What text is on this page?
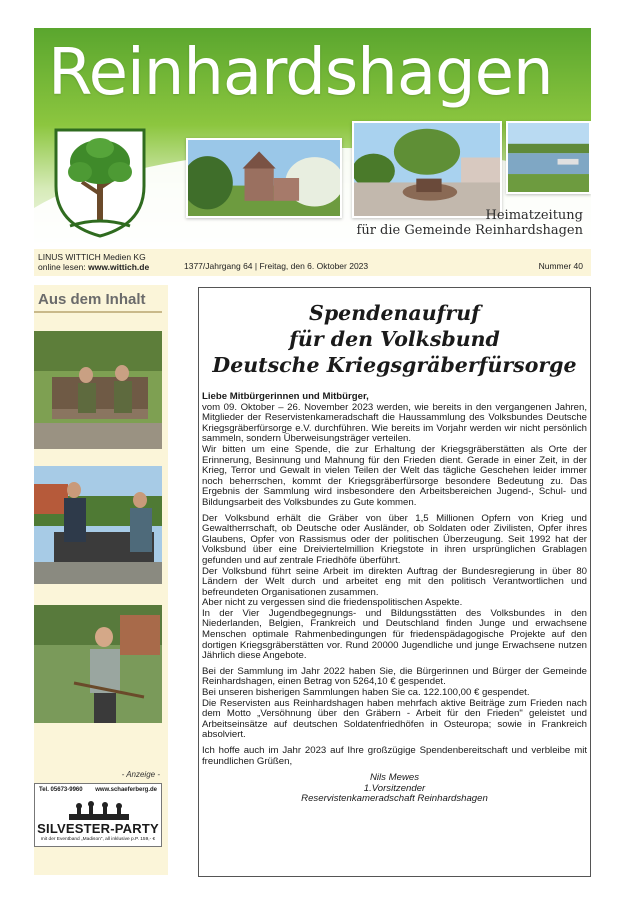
Reinhardshagen
Heimatzeitung
für die Gemeinde Reinhardshagen
LINUS WITTICH Medien KG
online lesen: www.wittich.de	1377/Jahrgang 64 | Freitag, den 6. Oktober 2023	Nummer 40
Aus dem Inhalt
- Anzeige -
Tel. 05673-9960 www.schaeferberg.de
SILVESTER-PARTY
mit der Eventband „Madison", all inklusive p.P. 159,- €
Spendenaufruf
für den Volksbund
Deutsche Kriegsgräberfürsorge

Liebe Mitbürgerinnen und Mitbürger,

vom 09. Oktober – 26. November 2023 werden, wie bereits in den vergangenen Jahren, Mitglieder der Reservistenkameradschaft die Haussammlung des Volksbundes Deutsche Kriegsgräberfürsorge e.V. durchführen. Wie bereits im Vorjahr werden wir nicht persönlich sammeln, sondern Überweisungsträger verteilen.

Wir bitten um eine Spende, die zur Erhaltung der Kriegsgräberstätten als Orte der Erinnerung, Besinnung und Mahnung für den Frieden dient. Gerade in einer Zeit, in der Krieg, Terror und Gewalt in vielen Teilen der Welt das tägliche Geschehen leider immer noch beherrschen, kommt der Kriegsgräberfürsorge besondere Bedeutung zu. Das Ergebnis der Sammlung wird insbesondere den Arbeitsbereichen Jugend-, Schul- und Bildungsarbeit des Volksbundes zu Gute kommen.

Der Volksbund erhält die Gräber von über 1,5 Millionen Opfern von Krieg und Gewaltherrschaft, ob Deutsche oder Ausländer, ob Soldaten oder Zivilisten, Opfer ihres Glaubens, Opfer von Rassismus oder der politischen Überzeugung. Seit 1992 hat der Volksbund über eine Dreiviertelmillion Kriegstote in ihren ursprünglichen Grablagen gefunden und auf zentrale Friedhöfe überführt.

Der Volksbund führt seine Arbeit im direkten Auftrag der Bundesregierung in über 80 Ländern der Welt durch und arbeitet eng mit den politisch Verantwortlichen und befreundeten Organisationen zusammen.

Aber nicht zu vergessen sind die friedenspolitischen Aspekte.

In der Vier Jugendbegegnungs- und Bildungsstätten des Volksbundes in den Niederlanden, Belgien, Frankreich und Deutschland finden Junge und erwachsene Menschen optimale Rahmenbedingungen für friedenspädagogische Projekte auf den dortigen Kriegsgräberstätten vor. Rund 20000 Jugendliche und junge Erwachsene nutzen Jährlich diese Angebote.

Bei der Sammlung im Jahr 2022 haben Sie, die Bürgerinnen und Bürger der Gemeinde Reinhardshagen, einen Betrag von 5264,10 € gespendet.

Bei unseren bisherigen Sammlungen haben Sie ca. 122.100,00 € gespendet.

Die Reservisten aus Reinhardshagen haben mehrfach aktive Beiträge zum Frieden nach dem Motto „Versöhnung über den Gräbern - Arbeit für den Frieden" geleistet und Arbeitseinsätze auf deutschen Soldatenfriedhöfen in Osteuropa; sowie in Frankreich absolviert.

Ich hoffe auch im Jahr 2023 auf Ihre großzügige Spendenbereitschaft und verbleibe mit freundlichen Grüßen,

Nils Mewes
1.Vorsitzender
Reservistenkameradschaft Reinhardshagen
